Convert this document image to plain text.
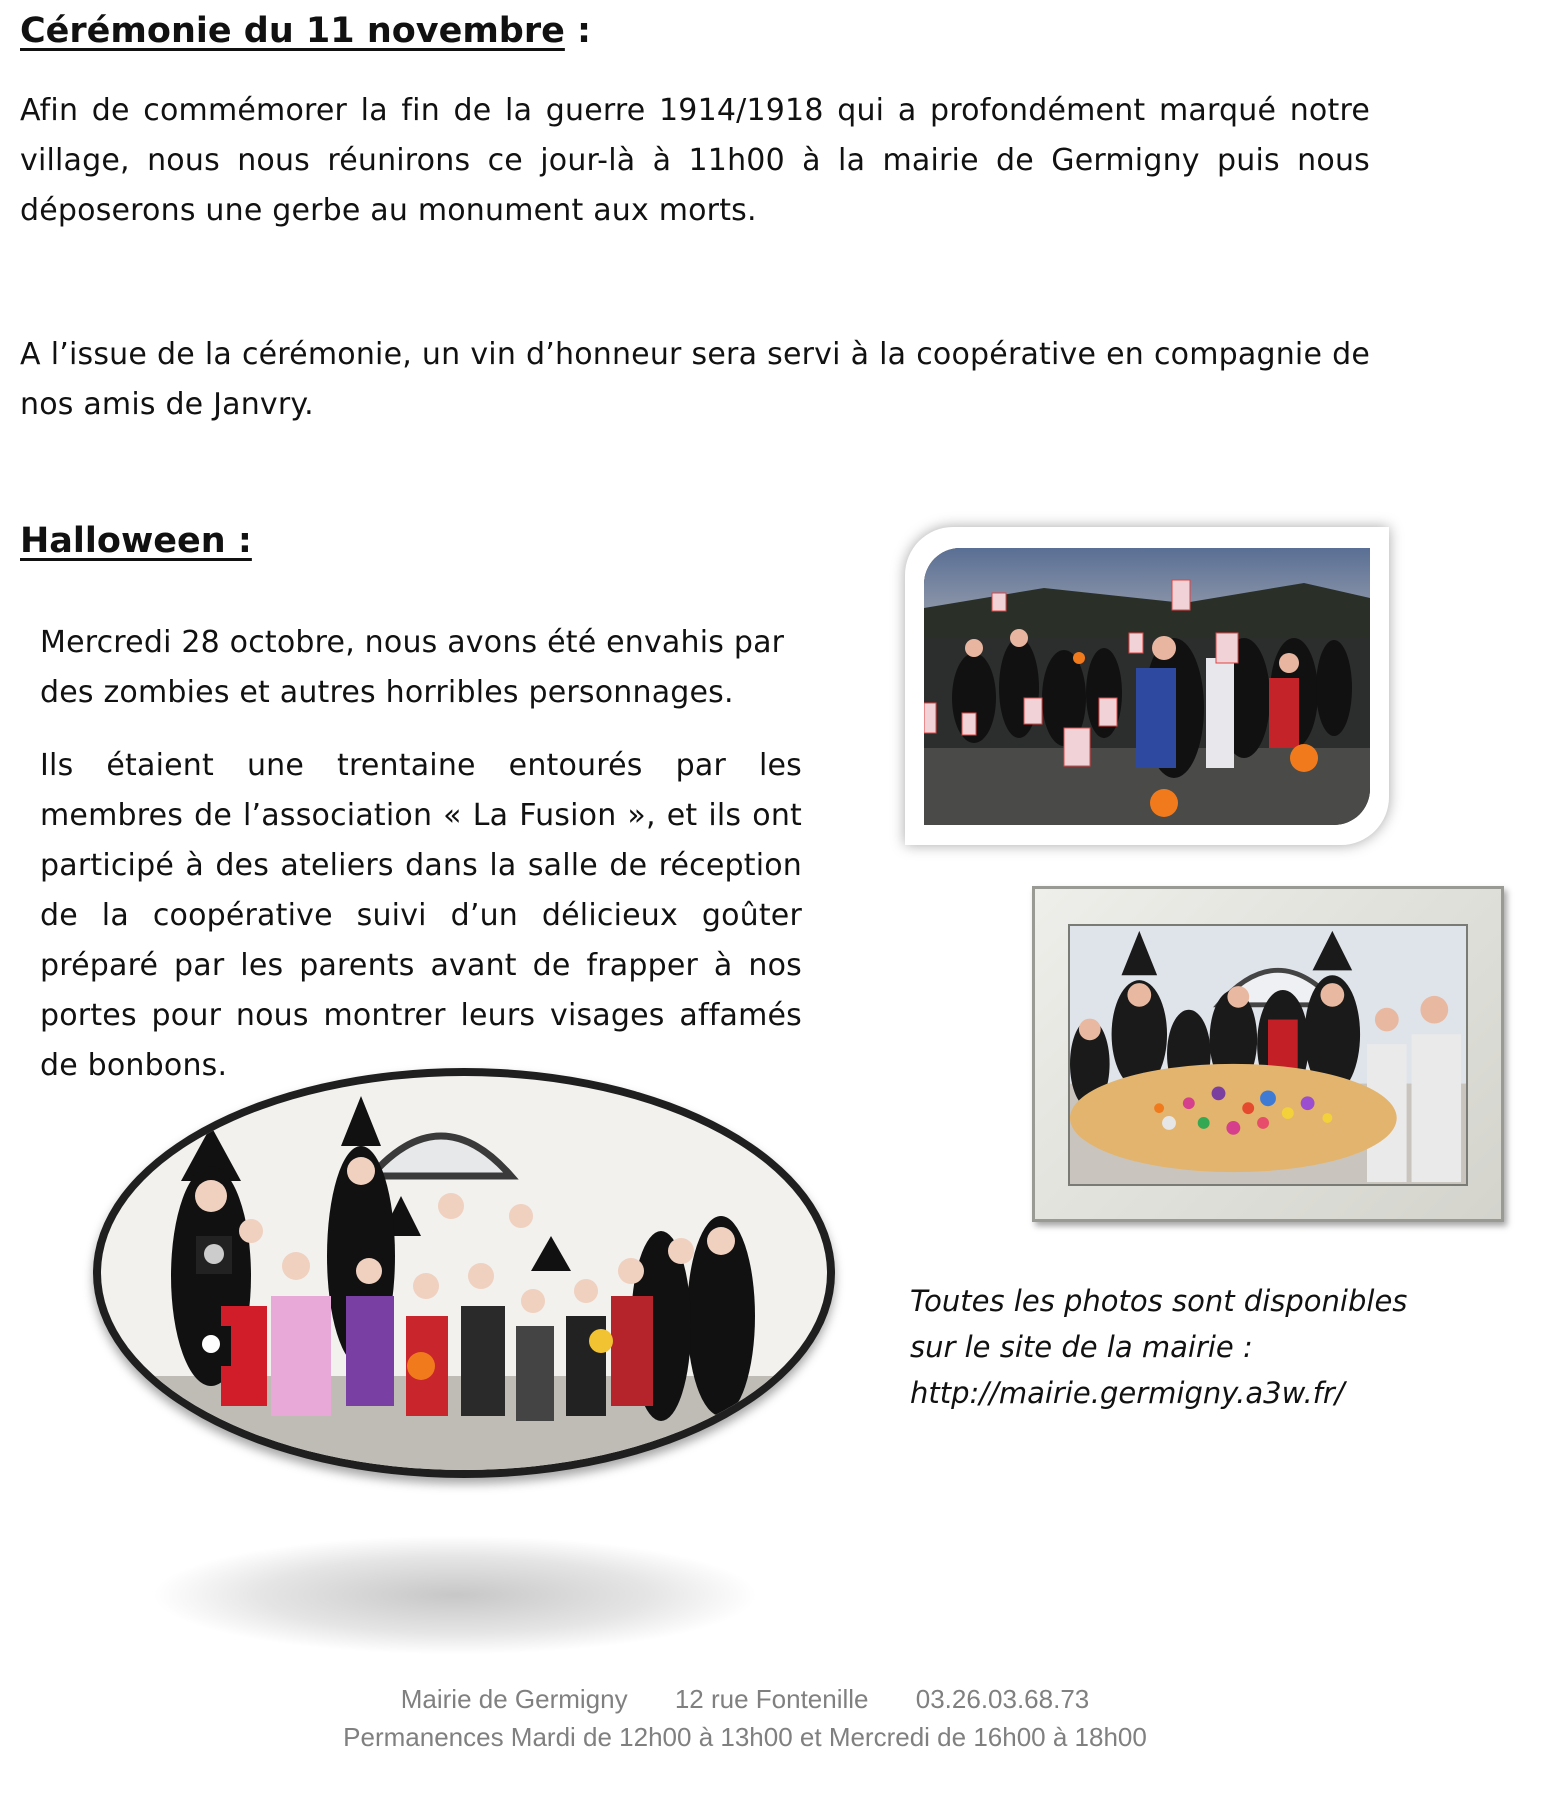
Cérémonie du 11 novembre :

Afin de commémorer la fin de la guerre 1914/1918 qui a profondément marqué notre village, nous nous réunirons ce jour-là à 11h00 à la mairie de Germigny puis nous déposerons une gerbe au monument aux morts.

A l’issue de la cérémonie, un vin d’honneur sera servi à la coopérative en compagnie de nos amis de Janvry.

Halloween :

Mercredi 28 octobre, nous avons été envahis par des zombies et autres horribles personnages.

Ils étaient une trentaine entourés par les membres de l’association « La Fusion », et ils ont participé à des ateliers dans la salle de réception de la coopérative suivi d’un délicieux goûter préparé par les parents avant de frapper à nos portes pour nous montrer leurs visages affamés de bonbons.

Toutes les photos sont disponibles
sur le site de la mairie :
http://mairie.germigny.a3w.fr/

Mairie de Germigny 12 rue Fontenille 03.26.03.68.73
Permanences Mardi de 12h00 à 13h00 et Mercredi de 16h00 à 18h00
